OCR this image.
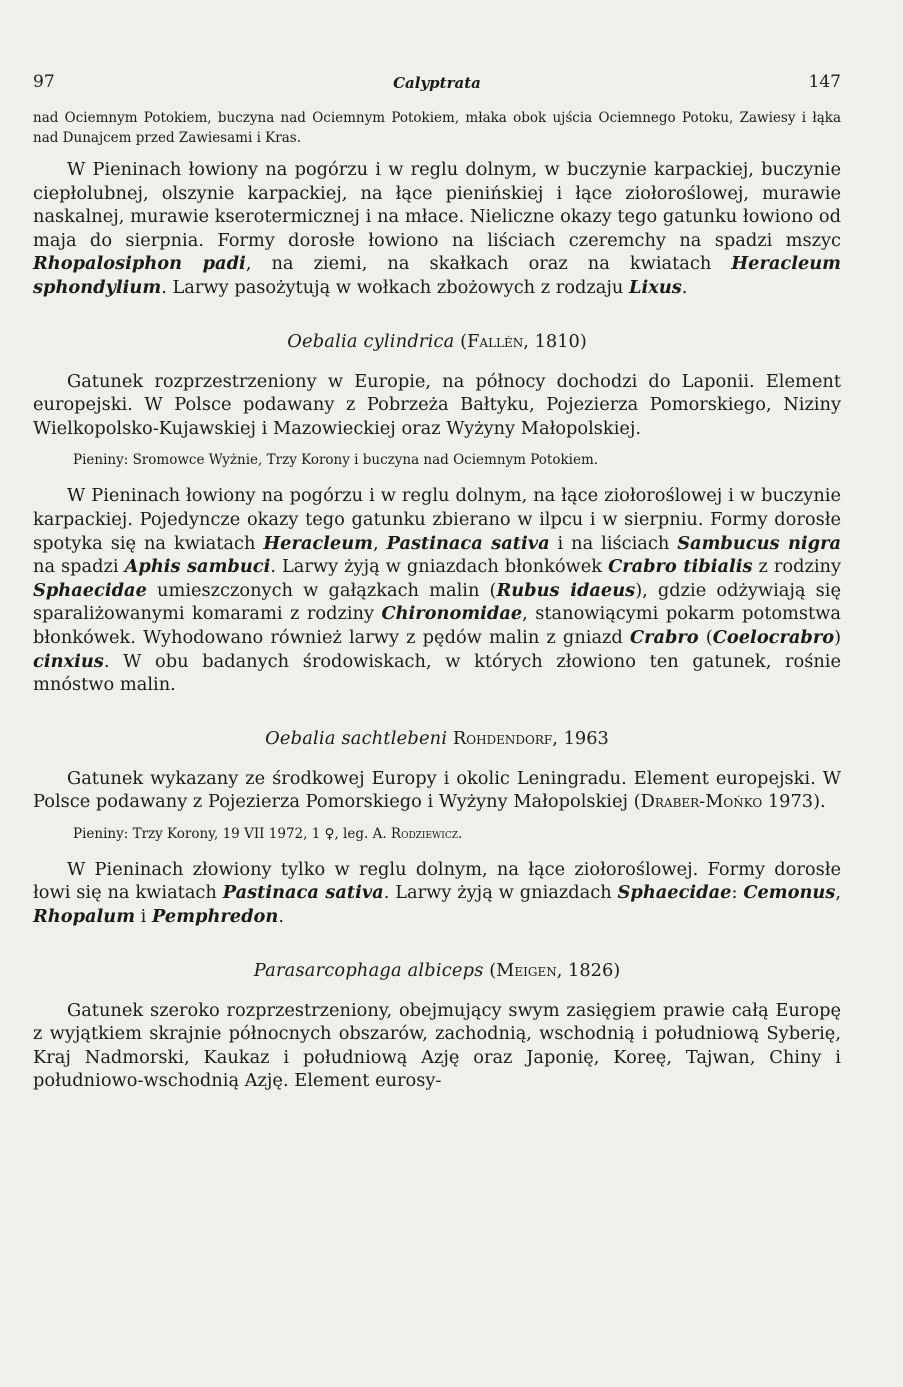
97	Calyptrata	147

nad Ociemnym Potokiem, buczyna nad Ociemnym Potokiem, młaka obok ujścia Ociemnego Potoku, Zawiesy i łąka nad Dunajcem przed Zawiesami i Kras.

W Pieninach łowiony na pogórzu i w reglu dolnym, w buczynie karpackiej, buczynie ciepłolubnej, olszynie karpackiej, na łące pienińskiej i łące ziołoroślowej, murawie naskalnej, murawie kserotermicznej i na młace. Nieliczne okazy tego gatunku łowiono od maja do sierpnia. Formy dorosłe łowiono na liściach czeremchy na spadzi mszyc Rhopalosiphon padi, na ziemi, na skałkach oraz na kwiatach Heracleum sphondylium. Larwy pasożytują w wołkach zbożowych z rodzaju Lixus.

Oebalia cylindrica (Fallén, 1810)

Gatunek rozprzestrzeniony w Europie, na północy dochodzi do Laponii. Element europejski. W Polsce podawany z Pobrzeża Bałtyku, Pojezierza Pomorskiego, Niziny Wielkopolsko-Kujawskiej i Mazowieckiej oraz Wyżyny Małopolskiej.

Pieniny: Sromowce Wyżnie, Trzy Korony i buczyna nad Ociemnym Potokiem.

W Pieninach łowiony na pogórzu i w reglu dolnym, na łące ziołoroślowej i w buczynie karpackiej. Pojedyncze okazy tego gatunku zbierano w ilpcu i w sierpniu. Formy dorosłe spotyka się na kwiatach Heracleum, Pastinaca sativa i na liściach Sambucus nigra na spadzi Aphis sambuci. Larwy żyją w gniazdach błonkówek Crabro tibialis z rodziny Sphaecidae umieszczonych w gałązkach malin (Rubus idaeus), gdzie odżywiają się sparaliżowanymi komarami z rodziny Chironomidae, stanowiącymi pokarm potomstwa błonkówek. Wyhodowano również larwy z pędów malin z gniazd Crabro (Coelocrabro) cinxius. W obu badanych środowiskach, w których złowiono ten gatunek, rośnie mnóstwo malin.

Oebalia sachtlebeni Rohdendorf, 1963

Gatunek wykazany ze środkowej Europy i okolic Leningradu. Element europejski. W Polsce podawany z Pojezierza Pomorskiego i Wyżyny Małopolskiej (Draber-Mońko 1973).

Pieniny: Trzy Korony, 19 VII 1972, 1 ♀, leg. A. Rodziewicz.

W Pieninach złowiony tylko w reglu dolnym, na łące ziołoroślowej. Formy dorosłe łowi się na kwiatach Pastinaca sativa. Larwy żyją w gniazdach Sphaecidae: Cemonus, Rhopalum i Pemphredon.

Parasarcophaga albiceps (Meigen, 1826)

Gatunek szeroko rozprzestrzeniony, obejmujący swym zasięgiem prawie całą Europę z wyjątkiem skrajnie północnych obszarów, zachodnią, wschodnią i południową Syberię, Kraj Nadmorski, Kaukaz i południową Azję oraz Japonię, Koreę, Tajwan, Chiny i południowo-wschodnią Azję. Element eurosy-
